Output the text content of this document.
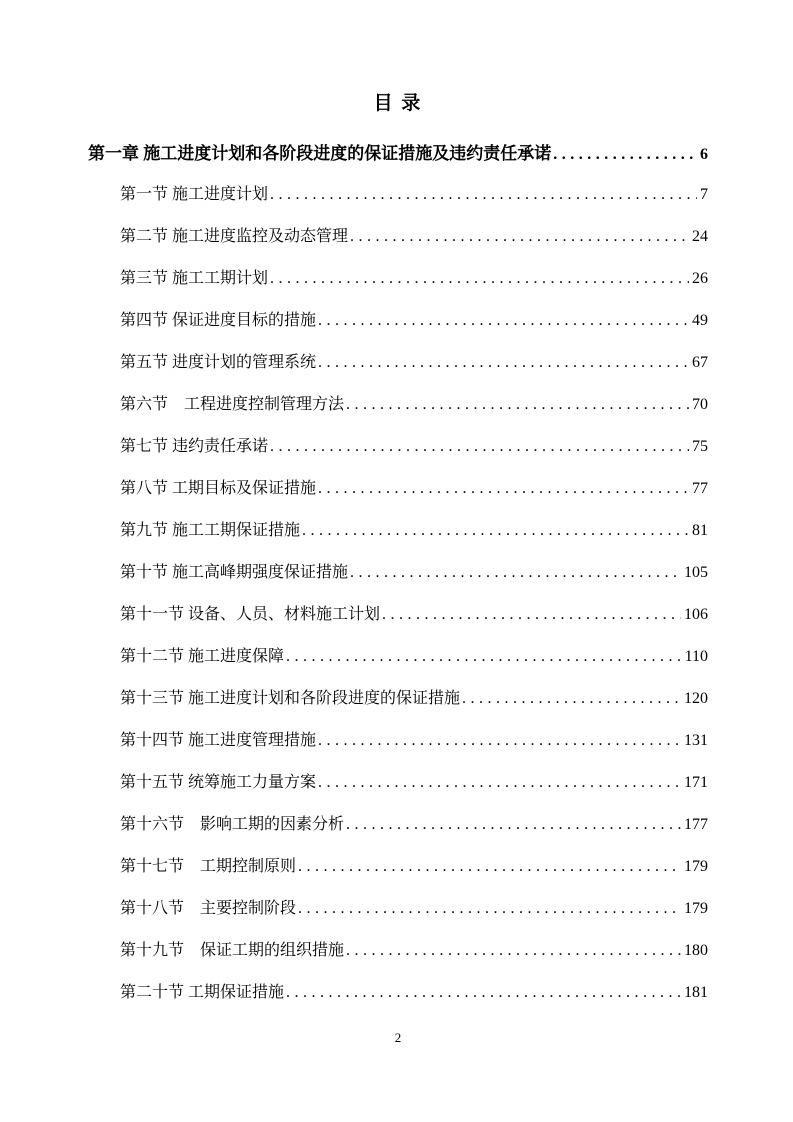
目 录
第一章 施工进度计划和各阶段进度的保证措施及违约责任承诺 .....	6
第一节 施工进度计划 .....	7
第二节 施工进度监控及动态管理 .....	24
第三节 施工工期计划 .....	26
第四节 保证进度目标的措施 .....	49
第五节 进度计划的管理系统 .....	67
第六节　工程进度控制管理方法 .....	70
第七节 违约责任承诺 .....	75
第八节 工期目标及保证措施 .....	77
第九节 施工工期保证措施 .....	81
第十节 施工高峰期强度保证措施 .....	105
第十一节 设备、人员、材料施工计划 .....	106
第十二节 施工进度保障 .....	110
第十三节 施工进度计划和各阶段进度的保证措施 .....	120
第十四节 施工进度管理措施 .....	131
第十五节 统筹施工力量方案 .....	171
第十六节　影响工期的因素分析 .....	177
第十七节　工期控制原则 .....	179
第十八节　主要控制阶段 .....	179
第十九节　保证工期的组织措施 .....	180
第二十节 工期保证措施 .....	181
2
